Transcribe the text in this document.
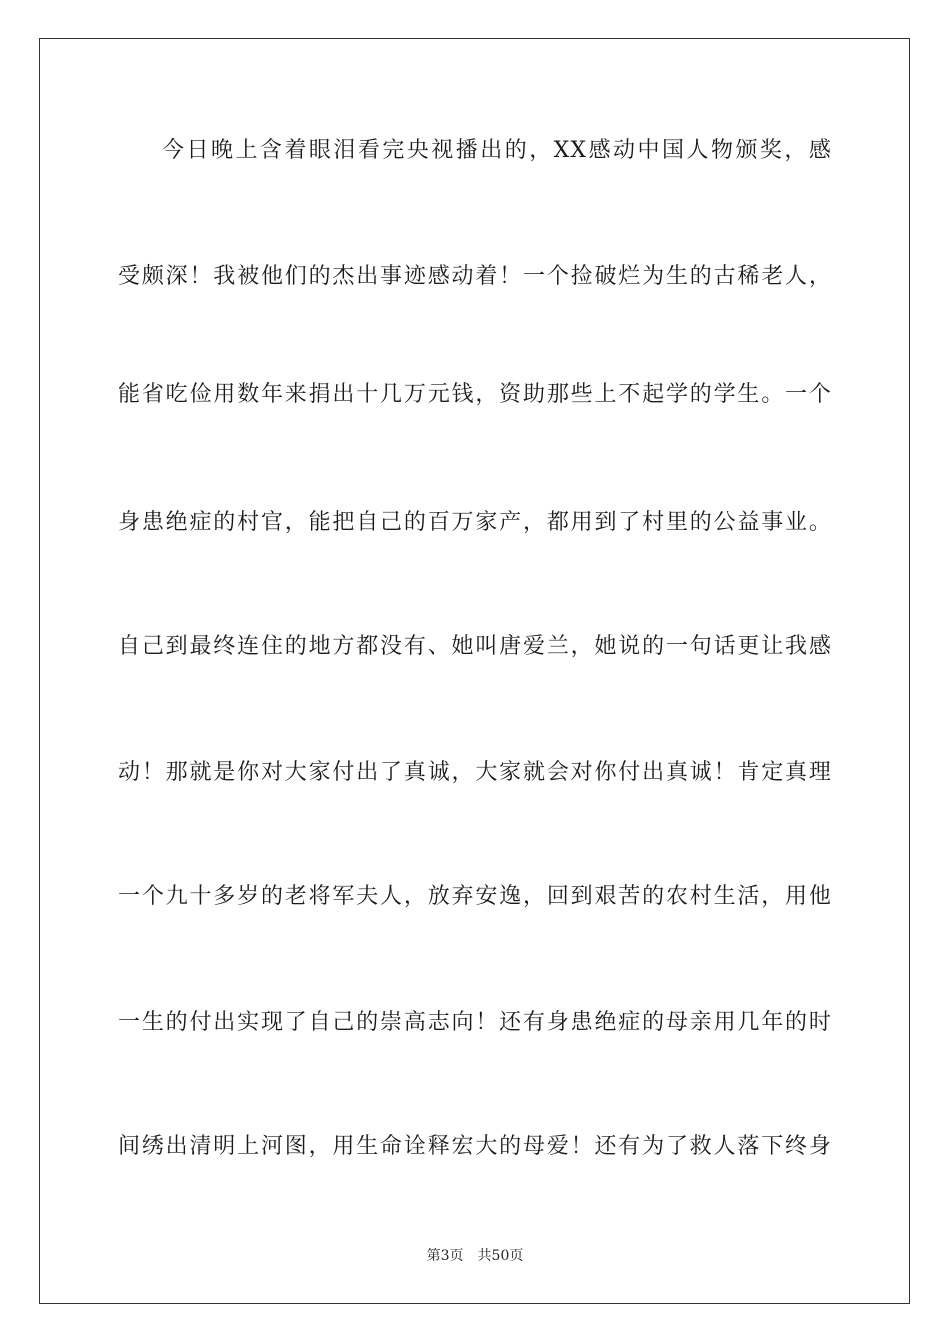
今日晚上含着眼泪看完央视播出的，XX感动中国人物颁奖，感
受颇深！我被他们的杰出事迹感动着！一个捡破烂为生的古稀老人，
能省吃俭用数年来捐出十几万元钱，资助那些上不起学的学生。一个
身患绝症的村官，能把自己的百万家产，都用到了村里的公益事业。
自己到最终连住的地方都没有、她叫唐爱兰，她说的一句话更让我感
动！那就是你对大家付出了真诚，大家就会对你付出真诚！肯定真理
一个九十多岁的老将军夫人，放弃安逸，回到艰苦的农村生活，用他
一生的付出实现了自己的崇高志向！还有身患绝症的母亲用几年的时
间绣出清明上河图，用生命诠释宏大的母爱！还有为了救人落下终身
第3页 共50页
